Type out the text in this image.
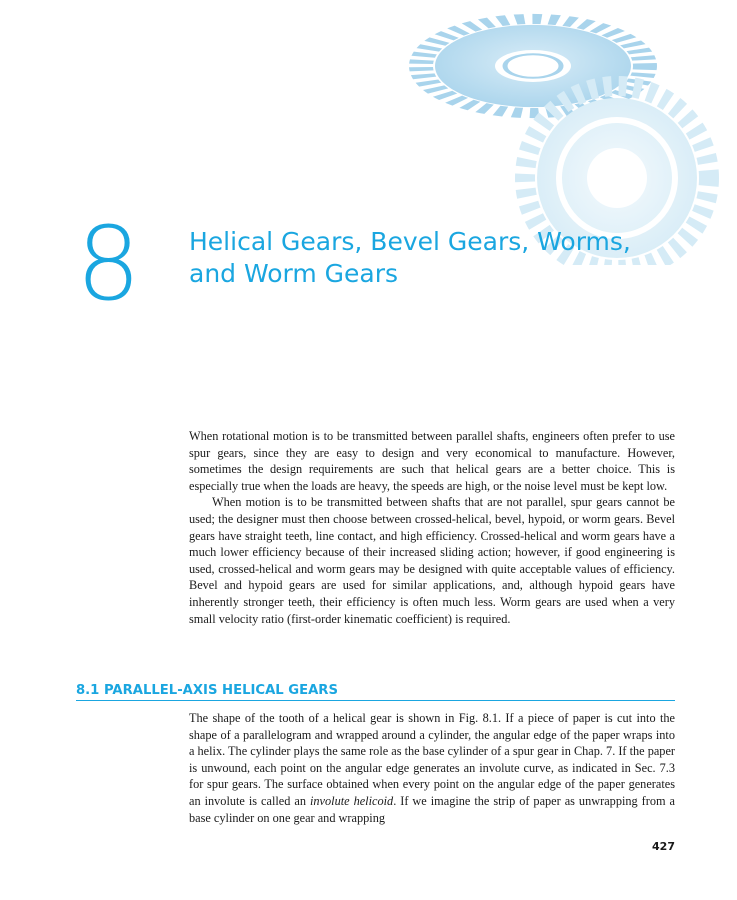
8 Helical Gears, Bevel Gears, Worms,
and Worm Gears

When rotational motion is to be transmitted between parallel shafts, engineers often prefer to use spur gears, since they are easy to design and very economical to manufacture. However, sometimes the design requirements are such that helical gears are a better choice. This is especially true when the loads are heavy, the speeds are high, or the noise level must be kept low.

When motion is to be transmitted between shafts that are not parallel, spur gears cannot be used; the designer must then choose between crossed-helical, bevel, hypoid, or worm gears. Bevel gears have straight teeth, line contact, and high efficiency. Crossed-helical and worm gears have a much lower efficiency because of their increased sliding action; however, if good engineering is used, crossed-helical and worm gears may be designed with quite acceptable values of efficiency. Bevel and hypoid gears are used for similar applications, and, although hypoid gears have inherently stronger teeth, their efficiency is often much less. Worm gears are used when a very small velocity ratio (first-order kinematic coefficient) is required.

8.1 PARALLEL-AXIS HELICAL GEARS

The shape of the tooth of a helical gear is shown in Fig. 8.1. If a piece of paper is cut into the shape of a parallelogram and wrapped around a cylinder, the angular edge of the paper wraps into a helix. The cylinder plays the same role as the base cylinder of a spur gear in Chap. 7. If the paper is unwound, each point on the angular edge generates an involute curve, as indicated in Sec. 7.3 for spur gears. The surface obtained when every point on the angular edge of the paper generates an involute is called an involute helicoid. If we imagine the strip of paper as unwrapping from a base cylinder on one gear and wrapping

427
